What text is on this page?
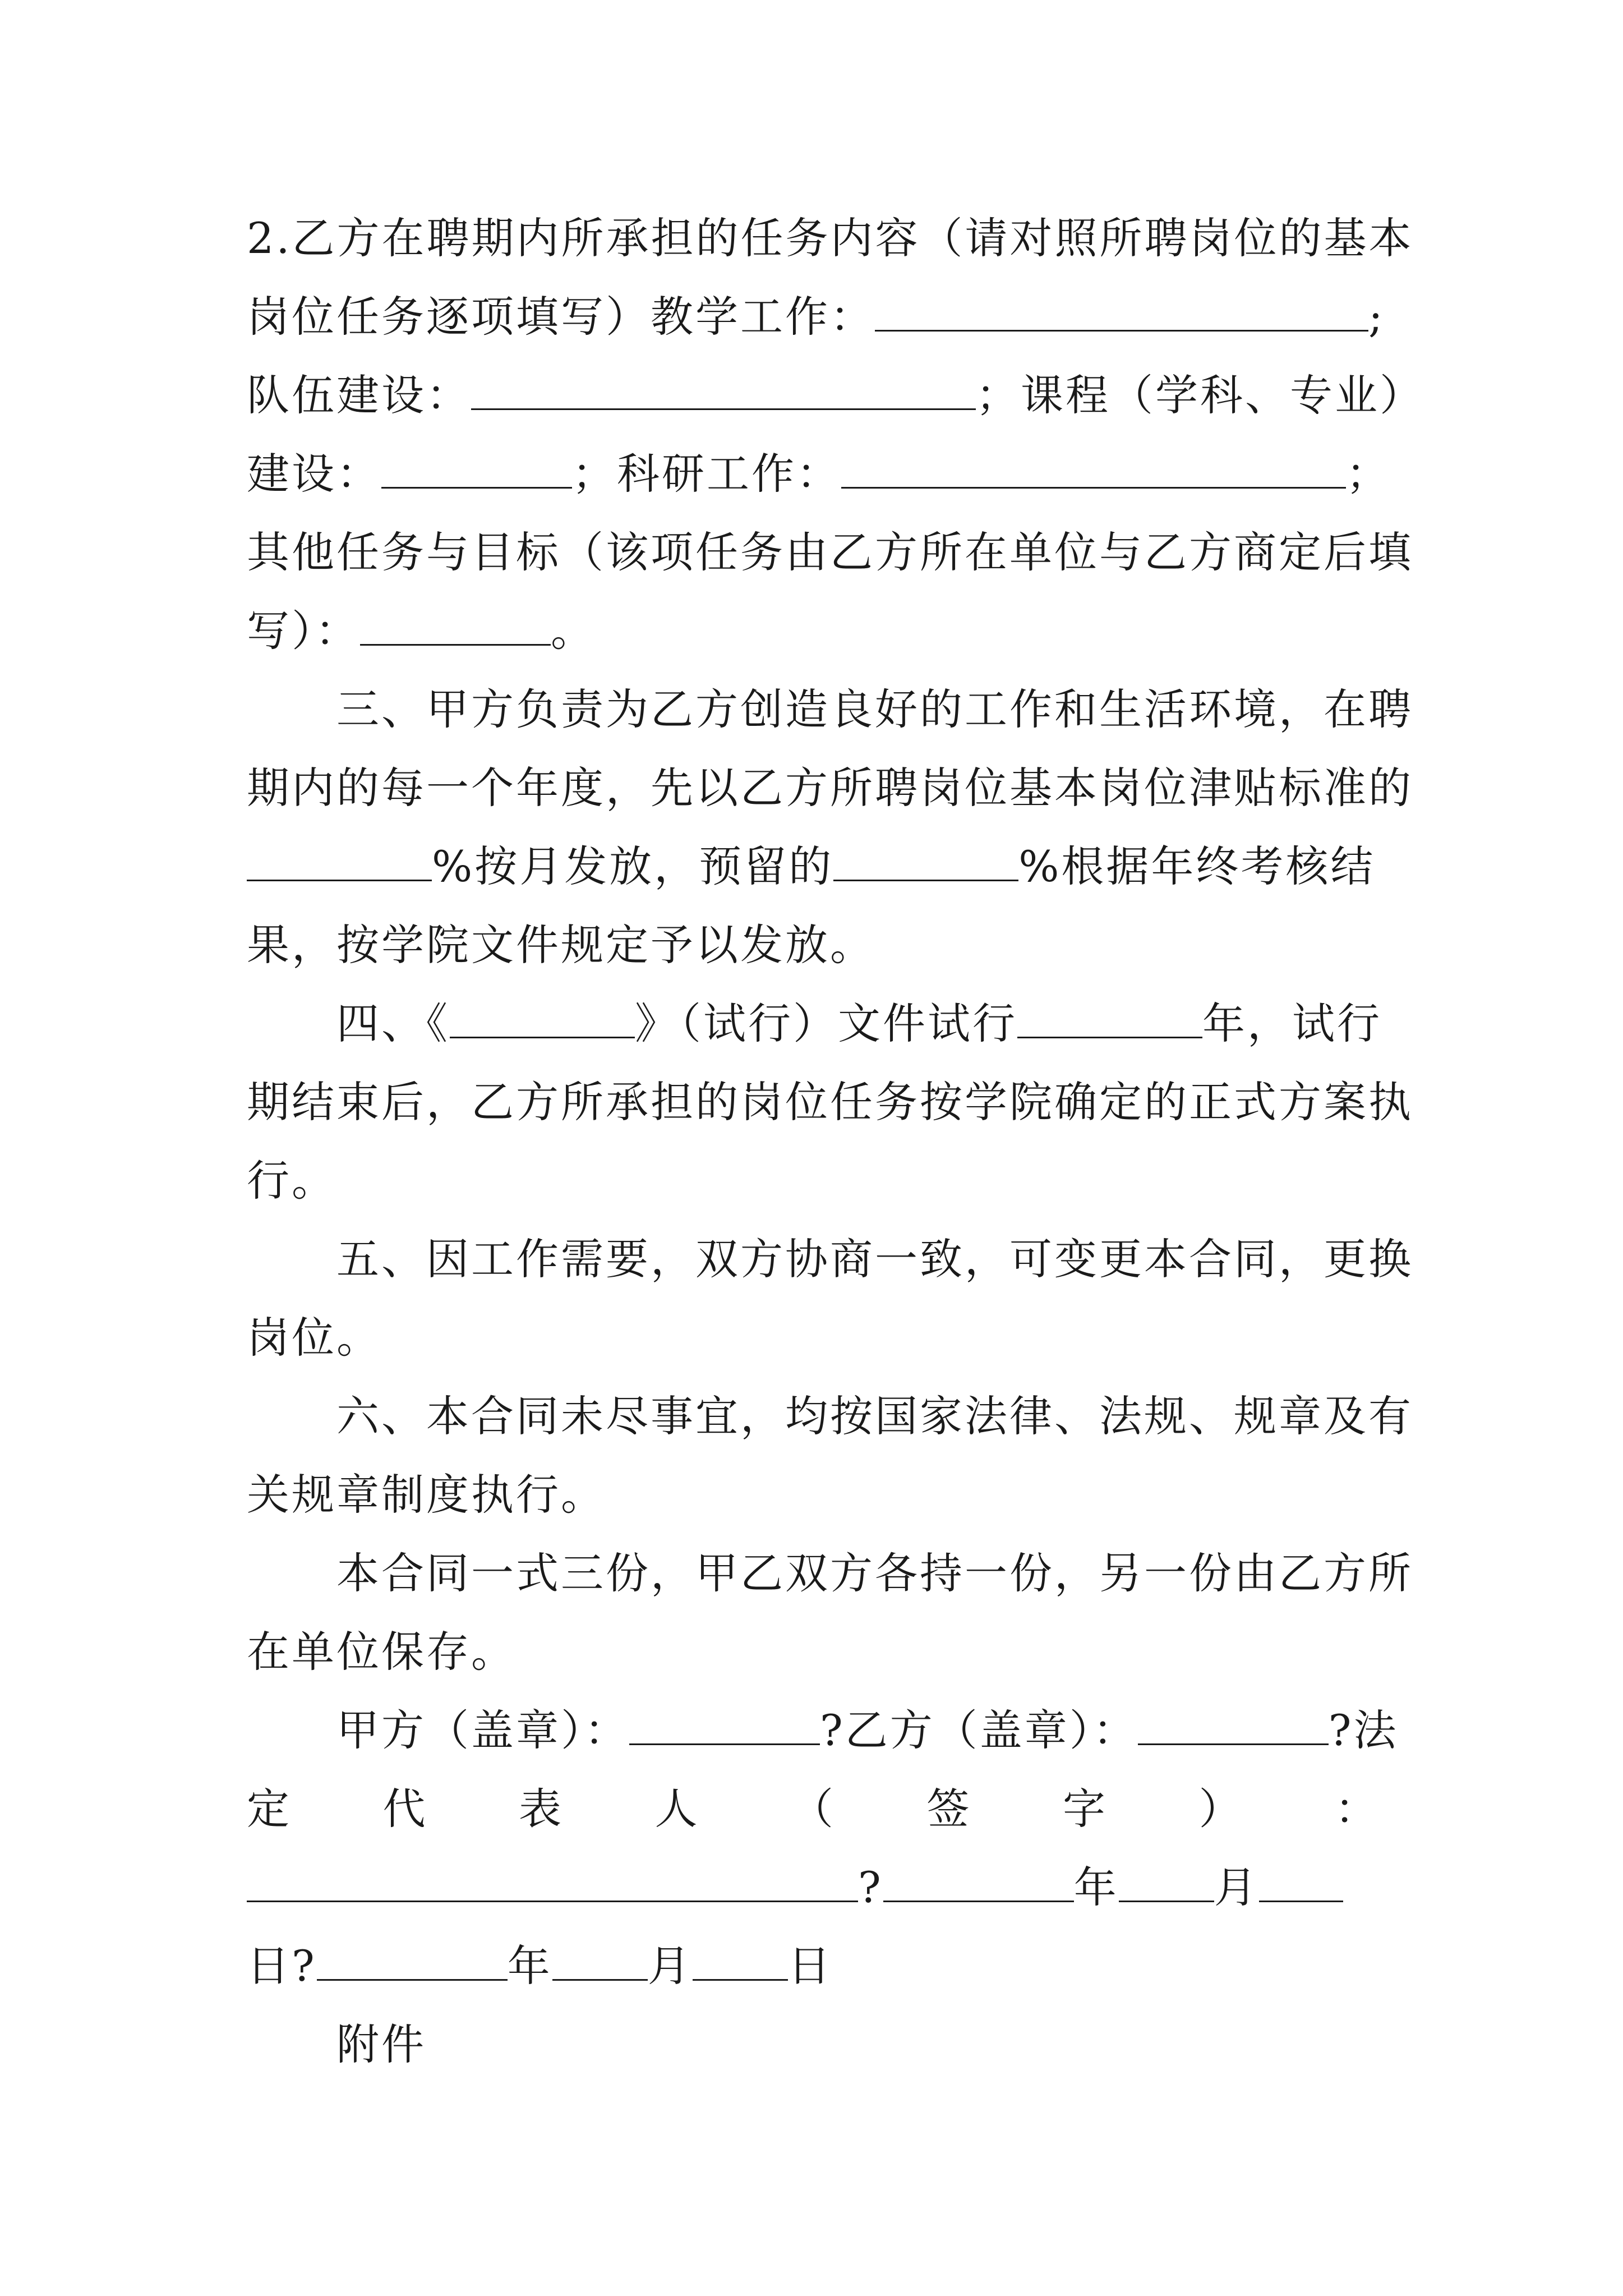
2.乙方在聘期内所承担的任务内容（请对照所聘岗位的基本
岗位任务逐项填写）教学工作：	;
队伍建设：	；课程（学科、专业）
建设：	；科研工作：	；
其他任务与目标（该项任务由乙方所在单位与乙方商定后填
写）：	。
三、甲方负责为乙方创造良好的工作和生活环境，在聘
期内的每一个年度，先以乙方所聘岗位基本岗位津贴标准的
%按月发放，预留的	%根据年终考核结
果，按学院文件规定予以发放。
四、《	》（试行）文件试行	年，试行
期结束后，乙方所承担的岗位任务按学院确定的正式方案执
行。
五、因工作需要，双方协商一致，可变更本合同，更换
岗位。
六、本合同未尽事宜，均按国家法律、法规、规章及有
关规章制度执行。
本合同一式三份，甲乙双方各持一份，另一份由乙方所
在单位保存。
甲方（盖章）：	?乙方（盖章）：	?法
定 代 表 人 （ 签 字 ） ：
?	年 月
日?	年 月 日
附件
